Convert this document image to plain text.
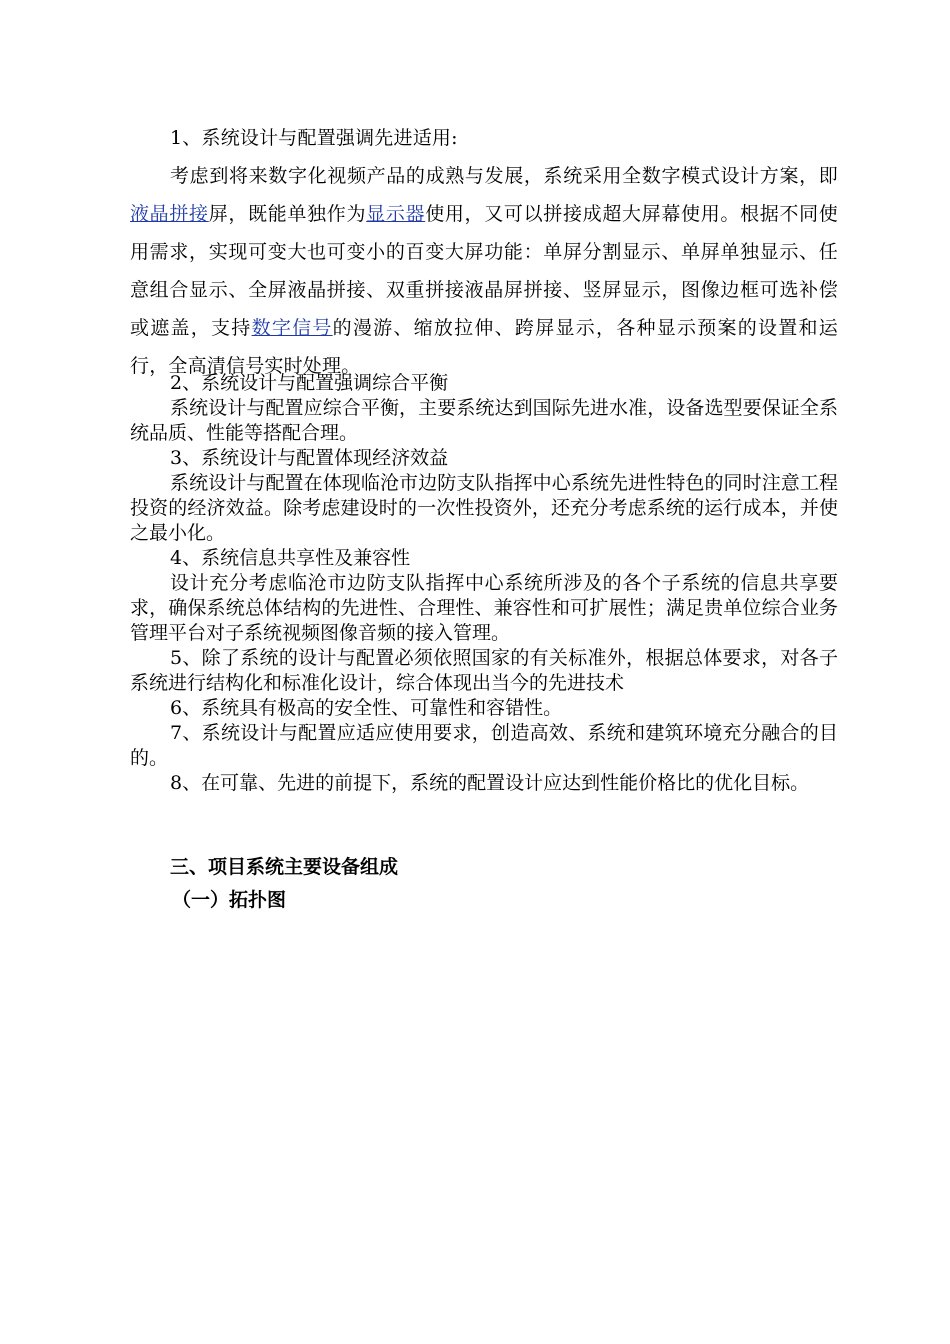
1、系统设计与配置强调先进适用:
考虑到将来数字化视频产品的成熟与发展，系统采用全数字模式设计方案，即液晶拼接屏，既能单独作为显示器使用，又可以拼接成超大屏幕使用。根据不同使用需求，实现可变大也可变小的百变大屏功能：单屏分割显示、单屏单独显示、任意组合显示、全屏液晶拼接、双重拼接液晶屏拼接、竖屏显示，图像边框可选补偿或遮盖，支持数字信号的漫游、缩放拉伸、跨屏显示，各种显示预案的设置和运行，全高清信号实时处理。
2、系统设计与配置强调综合平衡
系统设计与配置应综合平衡，主要系统达到国际先进水准，设备选型要保证全系统品质、性能等搭配合理。
3、系统设计与配置体现经济效益
系统设计与配置在体现临沧市边防支队指挥中心系统先进性特色的同时注意工程投资的经济效益。除考虑建设时的一次性投资外，还充分考虑系统的运行成本，并使之最小化。
4、系统信息共享性及兼容性
设计充分考虑临沧市边防支队指挥中心系统所涉及的各个子系统的信息共享要求，确保系统总体结构的先进性、合理性、兼容性和可扩展性；满足贵单位综合业务管理平台对子系统视频图像音频的接入管理。
5、除了系统的设计与配置必须依照国家的有关标准外，根据总体要求，对各子系统进行结构化和标准化设计，综合体现出当今的先进技术
6、系统具有极高的安全性、可靠性和容错性。
7、系统设计与配置应适应使用要求，创造高效、系统和建筑环境充分融合的目的。
8、在可靠、先进的前提下，系统的配置设计应达到性能价格比的优化目标。
三、项目系统主要设备组成
（一）拓扑图
